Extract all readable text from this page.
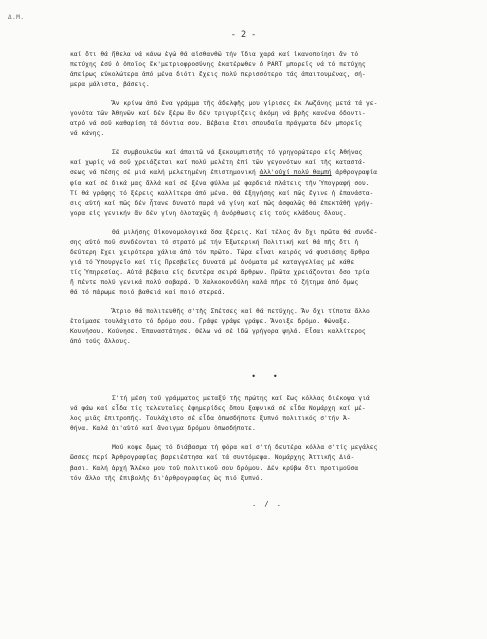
Δ.Μ.
- 2 -
καί ὅτι θά ἤθελα νά κάνω ἐγώ θά αἰσθανθῶ τήν ἴδια χαρά καί ἱκανοποίησι ἄν τό
πετύχης ἐσύ ὁ ὁποῖος ἔκ'μετριοφροσύνης ἑκατέρωθεν ὁ PART μπορεῖς νά τό πετύχης
ἀπείρως εὐκολώτερα ἀπό μένα διότι ἔχεις πολύ περισσότερο τάς ἀπαιτουμένας, σή-
μερα μάλιστα, βάσεις.
Ἄν κρίνω ἀπό ἕνα γράμμα τῆς ἀδελφῆς μου γίρισες ἐκ Λωζάνης μετά τά γε-
γονότα τῶν Ἀθηνῶν καί δέν ξέρω ἄν δέν τριγυρίζεις ἀκόμη νά βρῆς κανένα ὀδοντι-
ατρό νά σοῦ καθαρίση τά δόντια σου. Βέβαια ἔτσι σπουδαῖα πράγματα δέν μπορεῖς
νά κάνης.
Σέ συμβουλεύω καί ἀπαιτῶ νά ξεκουμπιστῆς τό γρηγορώτερο εἰς Ἀθήνας
καί χωρίς νά σοῦ χρειάζεται καί πολύ μελέτη ἐπί τῶν γεγονότων καί τῆς καταστά-
σεως νά πέσης σέ μιά καλή μελετημένη ἐπιστημονική ἀλλ'οὐχί πολύ θαμπή ἀρθρογραφία
φία καί σέ δικά μας ἄλλά καί σέ ξένα φύλλα μέ φαρδειά πλάτεις τῆν Ὑπογραφή σου.
Τί θά γράφης τό ξέρεις καλλίτερα ἀπό μένα. Θά ἐξηγήσης καί πῶς ἔγινε ἡ ἐπανάστα-
σις αὐτή καί πῶς δέν ἦτανε δυνατό παρά νά γίνη καί πῶς ἀσφαλῶς θά ἐπεκτᾶθῆ γρήγ-
γορα εἰς γενικήν ἄν δέν γίνη ὁλοταχῶς ἡ ἀνόρθωσις εἰς τούς κλάδους ὅλους.
Θά μιλήσης Οἰκονομολογικά ὅσα ξέρεις. Καί τέλος ἄν ὄχι πρῶτα θά συνδέ-
σης αὐτό ποῦ συνδέονται τό στρατό μέ τήν Ἐξωτερική Πολιτική καί θά πῆς ὅτι ἡ
δεύτερη ἔχει χειρότερα χάλια ἀπό τόν πρῶτο. Τώρα εἶναι καιρός νά φυσιάσης ἄρθρα
γιά τό Ὑπουργεῖο καί τίς Πρεσβεῖες δυνατά μέ ὀνόματα μέ καταγγελίας μέ κάθε
τίς Ὑπηρεσίας. Αὐτά βέβαια εἰς δευτέρα σειρά ἄρθρων. Πρῶτα χρειάζονται ὅσο τρία
ἤ πέντε πολύ γενικά πολύ σοβαρά. Ὁ Χαλκοκονδύλη καλά πῆρε τό ζήτημα ἀπό ὅμως
θά τό πάρωμε ποιό βαθειά καί ποιό στερεά.
Ἄτριο θά πολιτευθῆς σ'τῆς Σπέτσες καί θά πετύχης. Ἄν ὄχι τίποτα ἄλλο
ἑτοίμασε τουλάχιστο τό δρόμο σου. Γράψε γράψε γράψε. Ἄνοιξε δρόμο. Φώναξε.
Κουνήσου. Κούνησε. Ἐπαναστάτησε. Θέλω νά σέ ἰδῶ γρήγορα ψηλά. Εἶσαι καλλίτερος
ἀπό τούς ἄλλους.
• •
Σ'τή μέση τοῦ γράμματος μεταξύ τῆς πρώτης καί ἕως κόλλας διέκοψα γιά
νά φάω καί εἶδα τίς τελευταῖες ἐφημερίδες ὅπου ξαφνικά σέ εἶδα Νομάρχη καί μέ-
λος μιᾶς ἐπιτροπῆς. Τουλάχιστο σέ εἶδα ὁπωσδήποτε ξυπνό πολιτικός σ'τήν Ἀ-
θήνα. Καλά ἀι'αὐτό καί ἄνοιγμα δρόμου ὁπωσδήποτε.
Μού κοψε ὅμως τό διάβασμα τή φόρα καί σ'τή δευτέρα κόλλα σ'τίς μεγάλες
ὥσσες περί Ἀρθρογραφίας βαρειέστησα καί τά συντόμεψα. Νομάρχης Ἀττικῆς Διά-
βασι. Καλή ἀρχή Ἄλέκο μου τοῦ πολιτικοῦ σου δρόμου. Δέν κρύβω ὅτι προτιμοῦσα
τόν ἄλλο τῆς ἐπιβολῆς δι'ἀρθρογραφίας ὡς πιό ξυπνό.
. / .
